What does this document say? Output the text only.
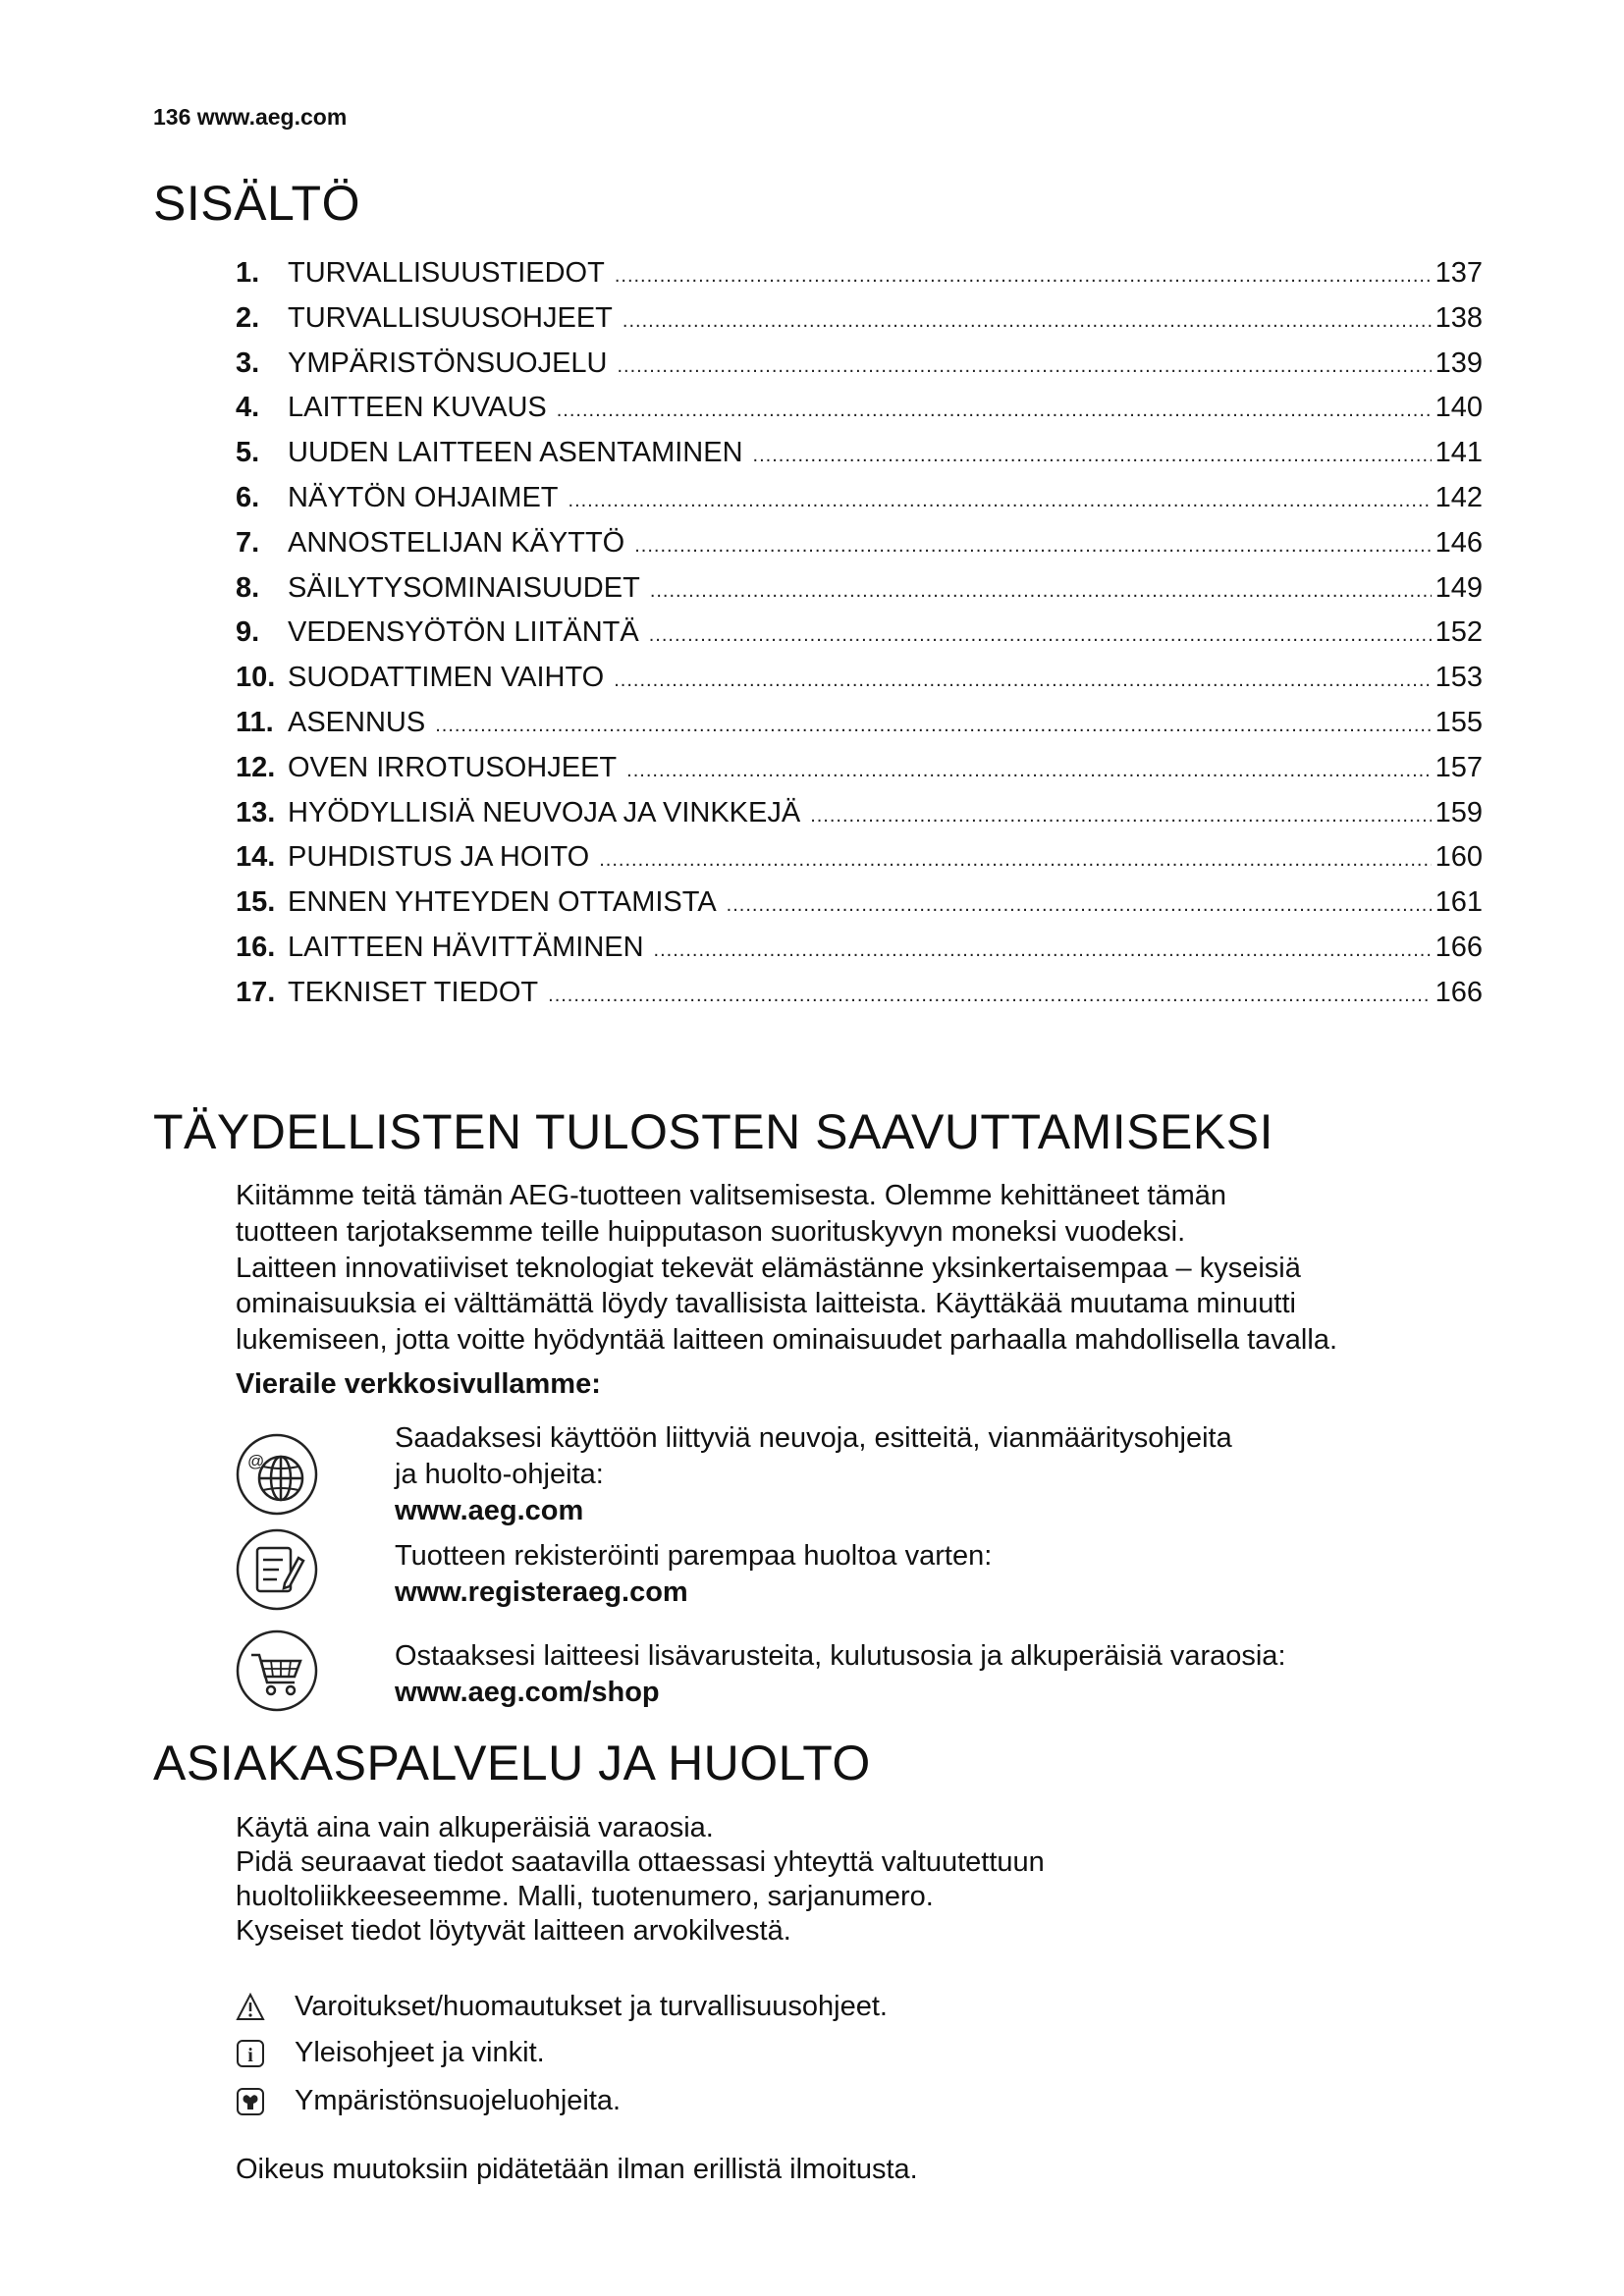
136 www.aeg.com
SISÄLTÖ
1. TURVALLISUUSTIEDOT .....	137
2. TURVALLISUUSOHJEET .....	138
3. YMPÄRISTÖNSUOJELU .....	139
4. LAITTEEN KUVAUS .....	140
5. UUDEN LAITTEEN ASENTAMINEN .....	141
6. NÄYTÖN OHJAIMET .....	142
7. ANNOSTELIJAN KÄYTTÖ .....	146
8. SÄILYTYSOMINAISUUDET .....	149
9. VEDENSYÖTÖN LIITÄNTÄ .....	152
10. SUODATTIMEN VAIHTO .....	153
11. ASENNUS .....	155
12. OVEN IRROTUSOHJEET .....	157
13. HYÖDYLLISIÄ NEUVOJA JA VINKKEJÄ .....	159
14. PUHDISTUS JA HOITO .....	160
15. ENNEN YHTEYDEN OTTAMISTA .....	161
16. LAITTEEN HÄVITTÄMINEN .....	166
17. TEKNISET TIEDOT .....	166
TÄYDELLISTEN TULOSTEN SAAVUTTAMISEKSI

Kiitämme teitä tämän AEG-tuotteen valitsemisesta. Olemme kehittäneet tämän
tuotteen tarjotaksemme teille huipputason suorituskyvyn moneksi vuodeksi.
Laitteen innovatiiviset teknologiat tekevät elämästänne yksinkertaisempaa – kyseisiä
ominaisuuksia ei välttämättä löydy tavallisista laitteista. Käyttäkää muutama minuutti
lukemiseen, jotta voitte hyödyntää laitteen ominaisuudet parhaalla mahdollisella tavalla.

Vieraile verkkosivullamme:
@
Saadaksesi käyttöön liittyviä neuvoja, esitteitä, vianmääritysohjeita
ja huolto-ohjeita:
www.aeg.com
Tuotteen rekisteröinti parempaa huoltoa varten:
www.registeraeg.com
Ostaaksesi laitteesi lisävarusteita, kulutusosia ja alkuperäisiä varaosia:
www.aeg.com/shop
ASIAKASPALVELU JA HUOLTO

Käytä aina vain alkuperäisiä varaosia.
Pidä seuraavat tiedot saatavilla ottaessasi yhteyttä valtuutettuun
huoltoliikkeeseemme. Malli, tuotenumero, sarjanumero.
Kyseiset tiedot löytyvät laitteen arvokilvestä.

Varoitukset/huomautukset ja turvallisuusohjeet.
i Yleisohjeet ja vinkit.
Ympäristönsuojeluohjeita.
Oikeus muutoksiin pidätetään ilman erillistä ilmoitusta.
